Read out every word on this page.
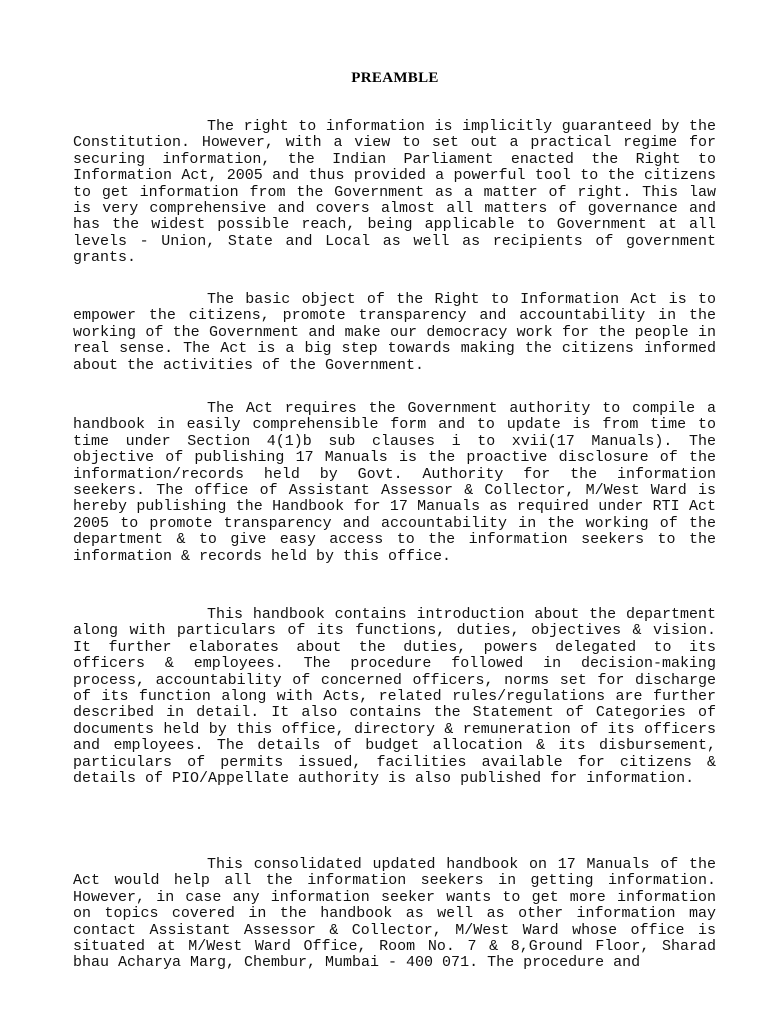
PREAMBLE

The right to information is implicitly guaranteed by the Constitution. However, with a view to set out a practical regime for securing information, the Indian Parliament enacted the Right to Information Act, 2005 and thus provided a powerful tool to the citizens to get information from the Government as a matter of right. This law is very comprehensive and covers almost all matters of governance and has the widest possible reach, being applicable to Government at all levels - Union, State and Local as well as recipients of government grants.

The basic object of the Right to Information Act is to empower the citizens, promote transparency and accountability in the working of the Government and make our democracy work for the people in real sense. The Act is a big step towards making the citizens informed about the activities of the Government.

The Act requires the Government authority to compile a handbook in easily comprehensible form and to update is from time to time under Section 4(1)b sub clauses i to xvii(17 Manuals). The objective of publishing 17 Manuals is the proactive disclosure of the information/records held by Govt. Authority for the information seekers. The office of Assistant Assessor & Collector, M/West Ward is hereby publishing the Handbook for 17 Manuals as required under RTI Act 2005 to promote transparency and accountability in the working of the department & to give easy access to the information seekers to the information & records held by this office.

This handbook contains introduction about the department along with particulars of its functions, duties, objectives & vision. It further elaborates about the duties, powers delegated to its officers & employees. The procedure followed in decision-making process, accountability of concerned officers, norms set for discharge of its function along with Acts, related rules/regulations are further described in detail. It also contains the Statement of Categories of documents held by this office, directory & remuneration of its officers and employees. The details of budget allocation & its disbursement, particulars of permits issued, facilities available for citizens & details of PIO/Appellate authority is also published for information.

This consolidated updated handbook on 17 Manuals of the Act would help all the information seekers in getting information. However, in case any information seeker wants to get more information on topics covered in the handbook as well as other information may contact Assistant Assessor & Collector, M/West Ward whose office is situated at M/West Ward Office, Room No. 7 & 8,Ground Floor, Sharad bhau Acharya Marg, Chembur, Mumbai - 400 071. The procedure and
